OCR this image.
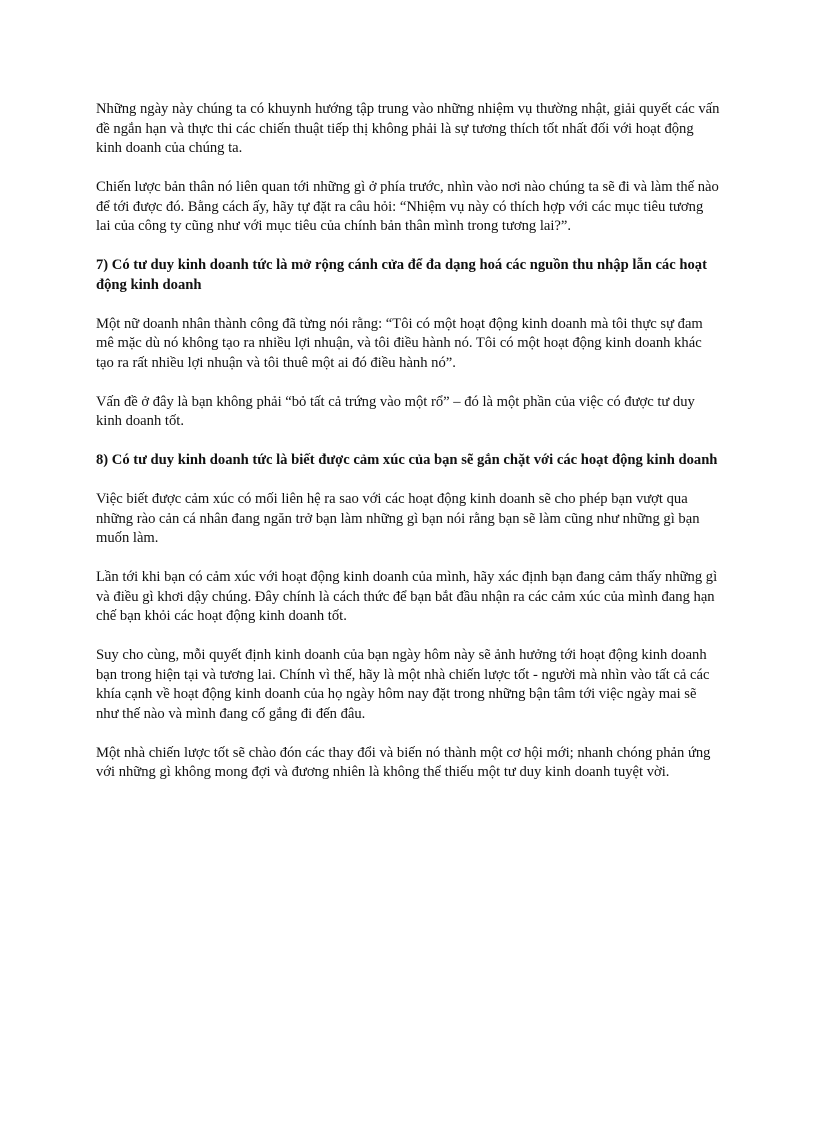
Những ngày này chúng ta có khuynh hướng tập trung vào những nhiệm vụ thường nhật, giải quyết các vấn đề ngắn hạn và thực thi các chiến thuật tiếp thị không phải là sự tương thích tốt nhất đối với hoạt động kinh doanh của chúng ta.

Chiến lược bản thân nó liên quan tới những gì ở phía trước, nhìn vào nơi nào chúng ta sẽ đi và làm thế nào để tới được đó. Bằng cách ấy, hãy tự đặt ra câu hỏi: “Nhiệm vụ này có thích hợp với các mục tiêu tương lai của công ty cũng như với mục tiêu của chính bản thân mình trong tương lai?”.

7) Có tư duy kinh doanh tức là mở rộng cánh cửa để đa dạng hoá các nguồn thu nhập lẫn các hoạt động kinh doanh

Một nữ doanh nhân thành công đã từng nói rằng: “Tôi có một hoạt động kinh doanh mà tôi thực sự đam mê mặc dù nó không tạo ra nhiều lợi nhuận, và tôi điều hành nó. Tôi có một hoạt động kinh doanh khác tạo ra rất nhiều lợi nhuận và tôi thuê một ai đó điều hành nó”.

Vấn đề ở đây là bạn không phải “bỏ tất cả trứng vào một rổ” – đó là một phần của việc có được tư duy kinh doanh tốt.

8) Có tư duy kinh doanh tức là biết được cảm xúc của bạn sẽ gắn chặt với các hoạt động kinh doanh

Việc biết được cảm xúc có mối liên hệ ra sao với các hoạt động kinh doanh sẽ cho phép bạn vượt qua những rào cản cá nhân đang ngăn trở bạn làm những gì bạn nói rằng bạn sẽ làm cũng như những gì bạn muốn làm.

Lần tới khi bạn có cảm xúc với hoạt động kinh doanh của mình, hãy xác định bạn đang cảm thấy những gì và điều gì khơi dậy chúng. Đây chính là cách thức để bạn bắt đầu nhận ra các cảm xúc của mình đang hạn chế bạn khỏi các hoạt động kinh doanh tốt.

Suy cho cùng, mỗi quyết định kinh doanh của bạn ngày hôm này sẽ ảnh hưởng tới hoạt động kinh doanh bạn trong hiện tại và tương lai. Chính vì thế, hãy là một nhà chiến lược tốt - người mà nhìn vào tất cả các khía cạnh về hoạt động kinh doanh của họ ngày hôm nay đặt trong những bận tâm tới việc ngày mai sẽ như thế nào và mình đang cố gắng đi đến đâu.

Một nhà chiến lược tốt sẽ chào đón các thay đổi và biến nó thành một cơ hội mới; nhanh chóng phản ứng với những gì không mong đợi và đương nhiên là không thể thiếu một tư duy kinh doanh tuyệt vời.
